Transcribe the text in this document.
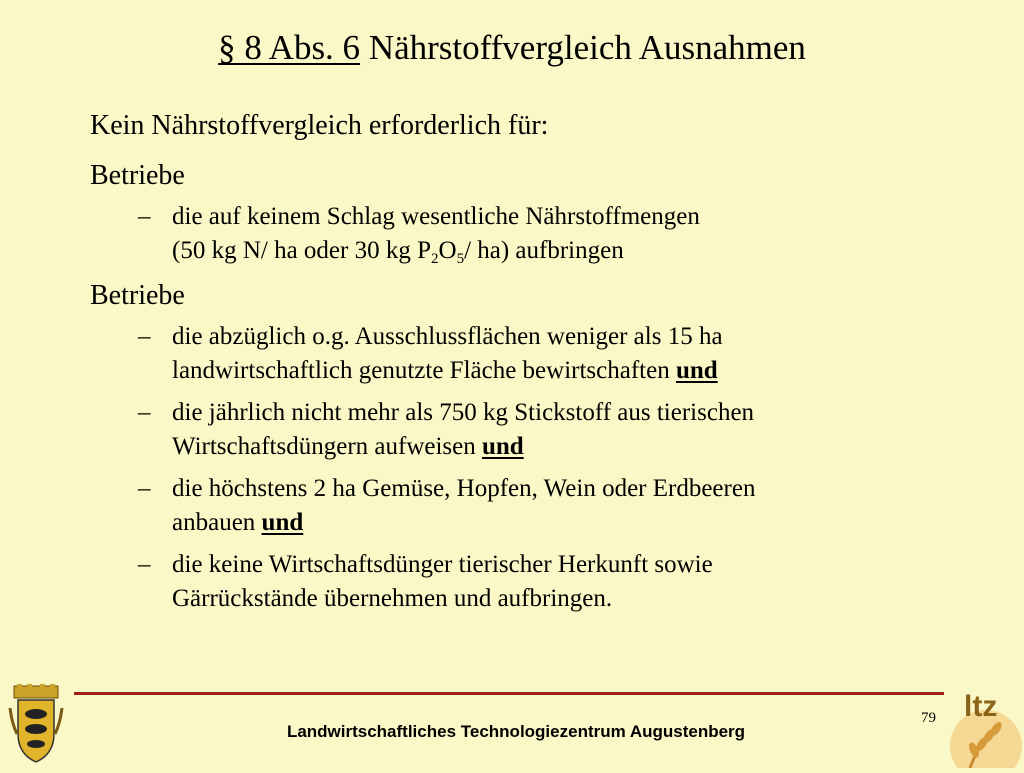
§ 8 Abs. 6 Nährstoffvergleich Ausnahmen
Kein Nährstoffvergleich erforderlich für:
Betriebe
– die auf keinem Schlag wesentliche Nährstoffmengen
(50 kg N/ ha oder 30 kg $P_2O_5/$ ha) aufbringen
Betriebe
– die abzüglich o.g. Ausschlussflächen weniger als 15 ha
landwirtschaftlich genutzte Fläche bewirtschaften und
– die jährlich nicht mehr als 750 kg Stickstoff aus tierischen
Wirtschaftsdüngern aufweisen und
– die höchstens 2 ha Gemüse, Hopfen, Wein oder Erdbeeren
anbauen und
– die keine Wirtschaftsdünger tierischer Herkunft sowie
Gärrückstände übernehmen und aufbringen.
79
Landwirtschaftliches Technologiezentrum Augustenberg
ltz
